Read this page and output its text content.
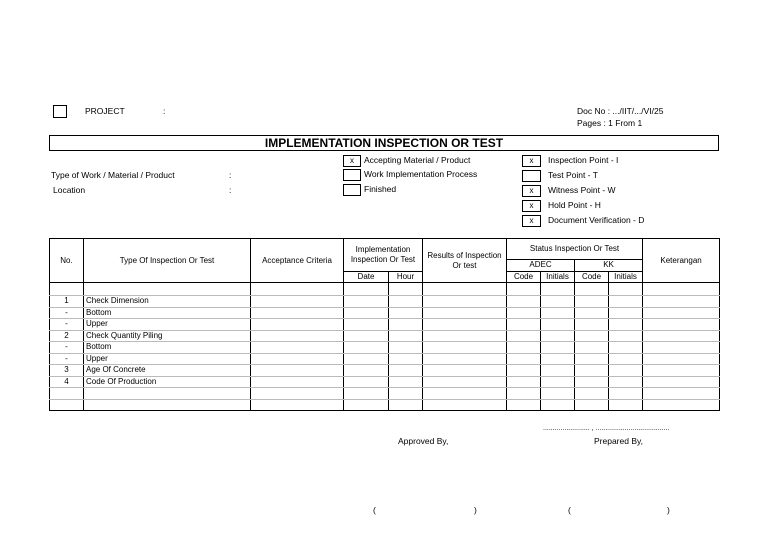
PROJECT	:	Doc No : .../IIT/.../VI/25
Pages : 1 From 1
IMPLEMENTATION INSPECTION OR TEST
Type of Work / Material / Product	:
Location	:
x	Accepting Material / Product
Work Implementation Process
Finished
x	Inspection Point - I
Test Point - T
x	Witness Point - W
x	Hold Point - H
x	Document Verification - D
No.	Type Of Inspection Or Test	Acceptance Criteria	Implementation Inspection Or Test		Results of Inspection Or test	Status Inspection Or Test				Keterangan
						ADEC		KK		
			Date	Hour		Code	Initials	Code	Initials	

1	Check Dimension									
-	Bottom									
-	Upper									
2	Check Quantity Piling									
-	Bottom									
-	Upper									
3	Age Of Concrete									
4	Code Of Production									

........................ , ......................................
Approved By,	Prepared By,
(	)	(	)
